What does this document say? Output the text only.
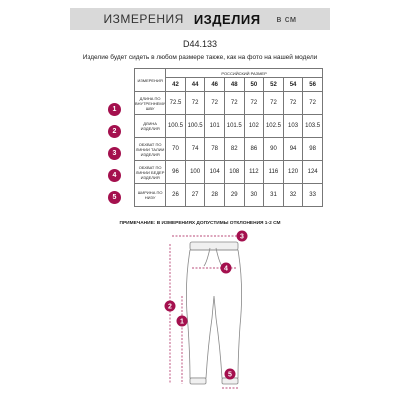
ИЗМЕРЕНИЯ ИЗДЕЛИЯ в см
D44.133
Изделие будет сидеть в любом размере также, как на фото на нашей модели
1
2
3
4
5
ИЗМЕРЕНИЯ	РОССИЙСКИЙ РАЗМЕР							
	42	44	46	48	50	52	54	56
ДЛИНА ПО ВНУТРЕННЕМУ ШВУ	72.5	72	72	72	72	72	72	72
ДЛИНА ИЗДЕЛИЯ	100.5	100.5	101	101.5	102	102.5	103	103.5
ОБХВАТ ПО ЛИНИИ ТАЛИИ ИЗДЕЛИЯ	70	74	78	82	86	90	94	98
ОБХВАТ ПО ЛИНИИ БЕДЕР ИЗДЕЛИЯ	96	100	104	108	112	116	120	124
ШИРИНА ПО НИЗУ	26	27	28	29	30	31	32	33
ПРИМЕЧАНИЕ: В ИЗМЕРЕНИЯХ ДОПУСТИМЫ ОТКЛОНЕНИЯ 1-2 СМ
1
2
3
4
5
